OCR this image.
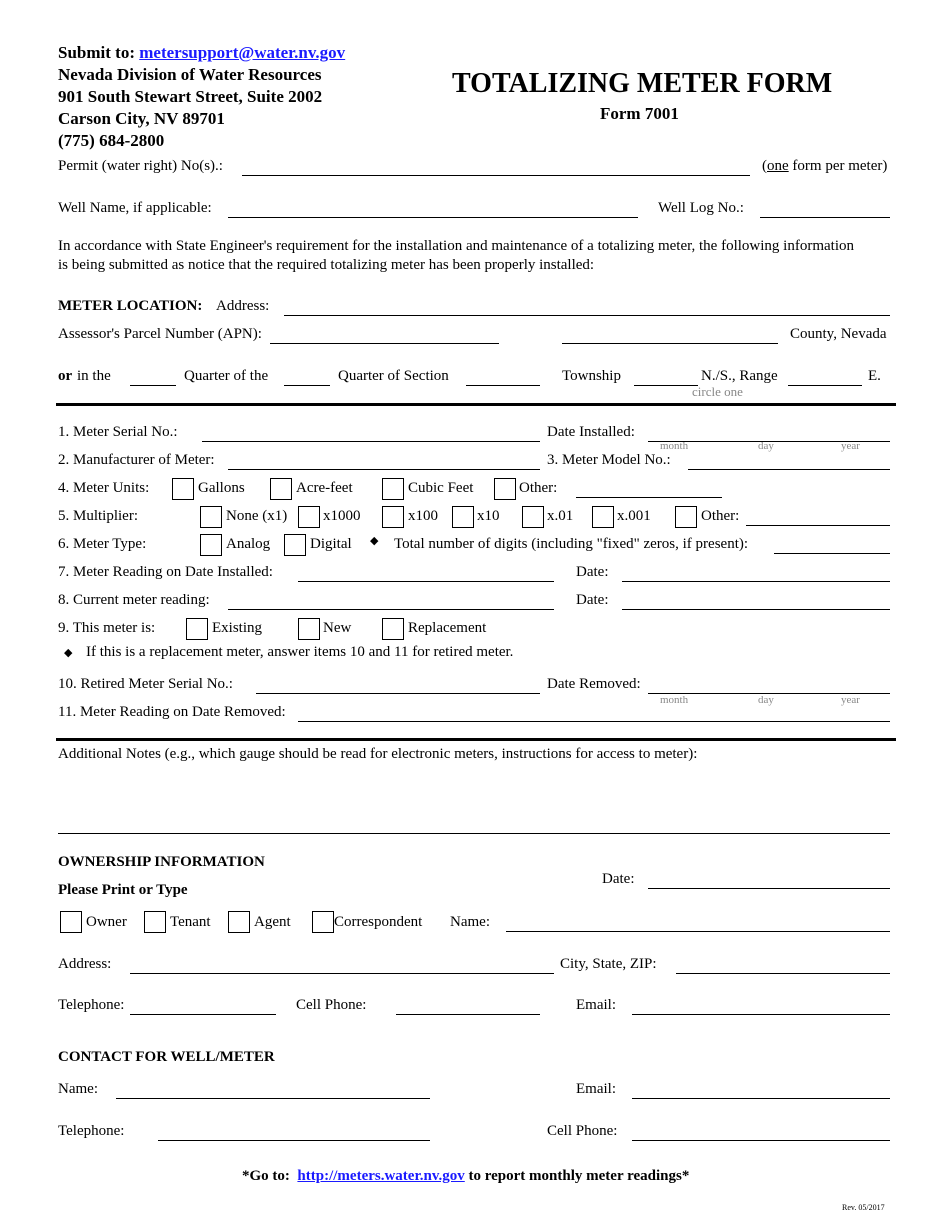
Submit to: metersupport@water.nv.gov
Nevada Division of Water Resources
901 South Stewart Street, Suite 2002
Carson City, NV 89701
(775) 684-2800
TOTALIZING METER FORM
Form 7001
Permit (water right) No(s).:	(one form per meter)
Well Name, if applicable:	Well Log No.:
In accordance with State Engineer's requirement for the installation and maintenance of a totalizing meter, the following information
is being submitted as notice that the required totalizing meter has been properly installed:
METER LOCATION: Address:
Assessor's Parcel Number (APN):	County, Nevada
or in the	Quarter of the	Quarter of Section	Township	N./S., Range	E.
circle one
1. Meter Serial No.:	Date Installed:
month	day	year
2. Manufacturer of Meter:	3. Meter Model No.:
4. Meter Units:	Gallons	Acre-feet	Cubic Feet	Other:
5. Multiplier:	None (x1) x1000	x100	x10	x.01	x.001	Other:
6. Meter Type:	Analog	Digital ◆ Total number of digits (including "fixed" zeros, if present):
7. Meter Reading on Date Installed:	Date:
8. Current meter reading:	Date:
9. This meter is:	Existing	New	Replacement
◆ If this is a replacement meter, answer items 10 and 11 for retired meter.
10. Retired Meter Serial No.:	Date Removed:
month	day	year
11. Meter Reading on Date Removed:
Additional Notes (e.g., which gauge should be read for electronic meters, instructions for access to meter):
OWNERSHIP INFORMATION
Please Print or Type
Date:
Owner	Tenant	Agent	Correspondent Name:
Address:	City, State, ZIP:
Telephone:	Cell Phone:	Email:
CONTACT FOR WELL/METER
Name:	Email:
Telephone:	Cell Phone:
*Go to: http://meters.water.nv.gov to report monthly meter readings*
Rev. 05/2017
